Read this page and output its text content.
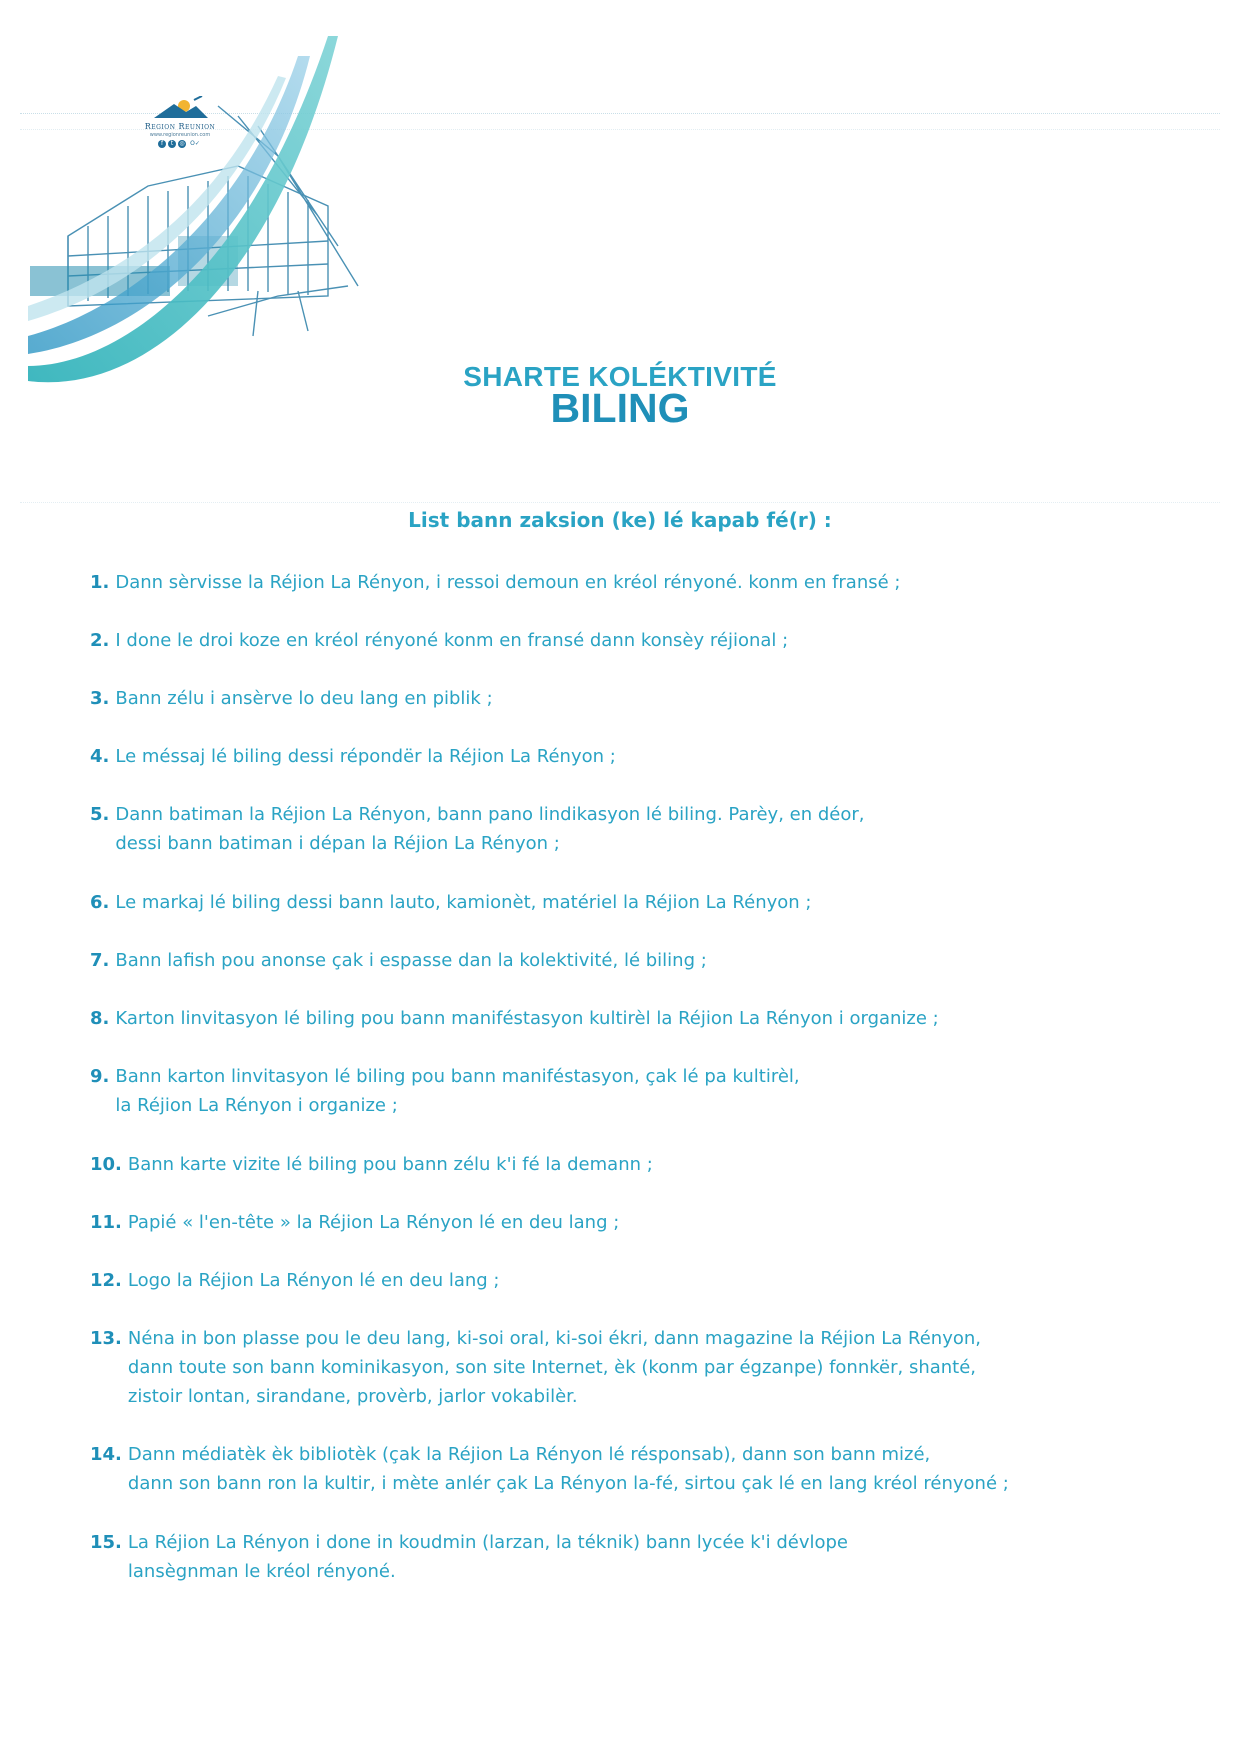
Region Reunion
www.regionreunion.com
f	t	◎ O✓
SHARTE KOLÉKTIVITÉ
BILING
List bann zaksion (ke) lé kapab fé(r) :
1. Dann sèrvisse la Réjion La Rényon, i ressoi demoun en kréol rényoné. konm en fransé ;
2. I done le droi koze en kréol rényoné konm en fransé dann konsèy réjional ;
3. Bann zélu i ansèrve lo deu lang en piblik ;
4. Le méssaj lé biling dessi répondër la Réjion La Rényon ;
5. Dann batiman la Réjion La Rényon, bann pano lindikasyon lé biling. Parèy, en déor,
dessi bann batiman i dépan la Réjion La Rényon ;
6. Le markaj lé biling dessi bann lauto, kamionèt, matériel la Réjion La Rényon ;
7. Bann lafish pou anonse çak i espasse dan la kolektivité, lé biling ;
8. Karton linvitasyon lé biling pou bann maniféstasyon kultirèl la Réjion La Rényon i organize ;
9. Bann karton linvitasyon lé biling pou bann maniféstasyon, çak lé pa kultirèl,
la Réjion La Rényon i organize ;
10. Bann karte vizite lé biling pou bann zélu k'i fé la demann ;
11. Papié « l'en-tête » la Réjion La Rényon lé en deu lang ;
12. Logo la Réjion La Rényon lé en deu lang ;
13. Néna in bon plasse pou le deu lang, ki-soi oral, ki-soi ékri, dann magazine la Réjion La Rényon,
dann toute son bann kominikasyon, son site Internet, èk (konm par égzanpe) fonnkër, shanté,
zistoir lontan, sirandane, provèrb, jarlor vokabilèr.
14. Dann médiatèk èk bibliotèk (çak la Réjion La Rényon lé résponsab), dann son bann mizé,
dann son bann ron la kultir, i mète anlér çak La Rényon la-fé, sirtou çak lé en lang kréol rényoné ;
15. La Réjion La Rényon i done in koudmin (larzan, la téknik) bann lycée k'i dévlope
lansègnman le kréol rényoné.
